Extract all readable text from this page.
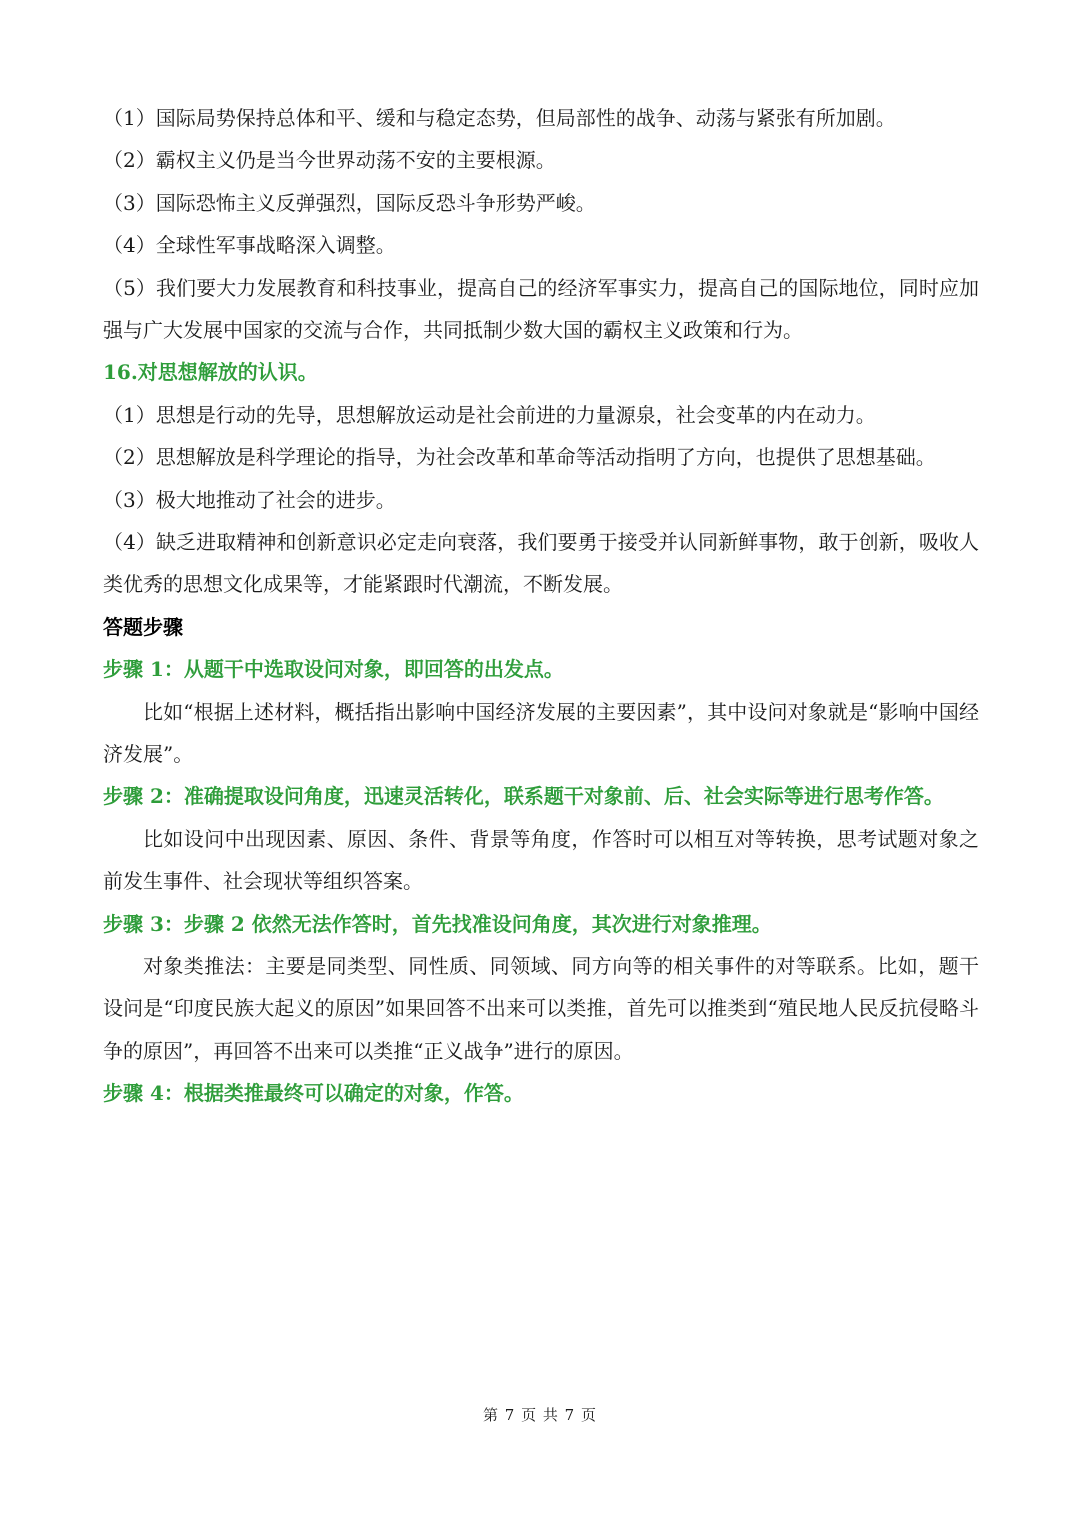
（1）国际局势保持总体和平、缓和与稳定态势，但局部性的战争、动荡与紧张有所加剧。
（2）霸权主义仍是当今世界动荡不安的主要根源。
（3）国际恐怖主义反弹强烈，国际反恐斗争形势严峻。
（4）全球性军事战略深入调整。
（5）我们要大力发展教育和科技事业，提高自己的经济军事实力，提高自己的国际地位，同时应加强与广大发展中国家的交流与合作，共同抵制少数大国的霸权主义政策和行为。
16.对思想解放的认识。
（1）思想是行动的先导，思想解放运动是社会前进的力量源泉，社会变革的内在动力。
（2）思想解放是科学理论的指导，为社会改革和革命等活动指明了方向，也提供了思想基础。
（3）极大地推动了社会的进步。
（4）缺乏进取精神和创新意识必定走向衰落，我们要勇于接受并认同新鲜事物，敢于创新，吸收人类优秀的思想文化成果等，才能紧跟时代潮流，不断发展。
答题步骤
步骤 1：从题干中选取设问对象，即回答的出发点。
比如“根据上述材料，概括指出影响中国经济发展的主要因素”，其中设问对象就是“影响中国经济发展”。
步骤 2：准确提取设问角度，迅速灵活转化，联系题干对象前、后、社会实际等进行思考作答。
比如设问中出现因素、原因、条件、背景等角度，作答时可以相互对等转换，思考试题对象之前发生事件、社会现状等组织答案。
步骤 3：步骤 2 依然无法作答时，首先找准设问角度，其次进行对象推理。
对象类推法：主要是同类型、同性质、同领域、同方向等的相关事件的对等联系。比如，题干设问是“印度民族大起义的原因”如果回答不出来可以类推，首先可以推类到“殖民地人民反抗侵略斗争的原因”，再回答不出来可以类推“正义战争”进行的原因。
步骤 4：根据类推最终可以确定的对象，作答。
第 7 页 共 7 页
